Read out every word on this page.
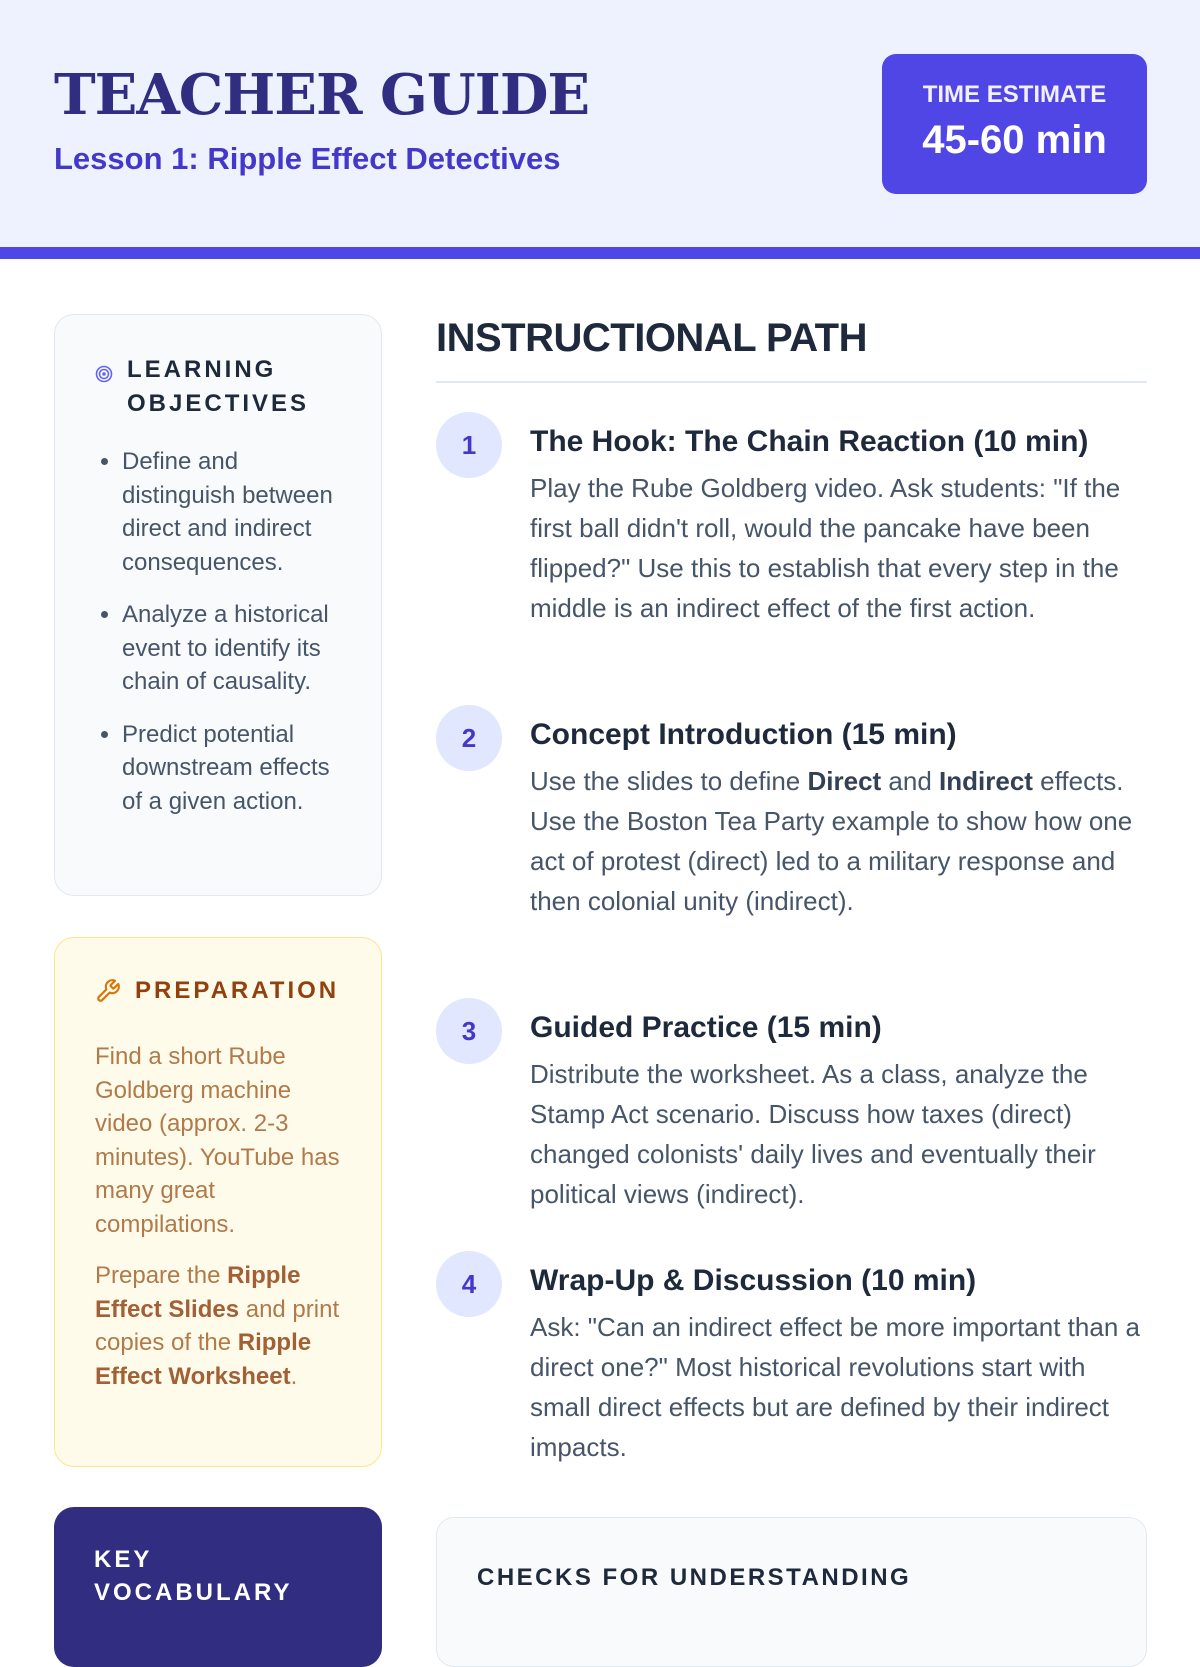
TEACHER GUIDE
Lesson 1: Ripple Effect Detectives
TIME ESTIMATE
45-60 min
LEARNING OBJECTIVES
• Define and distinguish between direct and indirect consequences.
• Analyze a historical event to identify its chain of causality.
• Predict potential downstream effects of a given action.
PREPARATION

Find a short Rube Goldberg machine video (approx. 2-3 minutes). YouTube has many great compilations.

Prepare the Ripple Effect Slides and print copies of the Ripple Effect Worksheet.

KEY VOCABULARY
INSTRUCTIONAL PATH
1	The Hook: The Chain Reaction (10 min)

Play the Rube Goldberg video. Ask students: "If the first ball didn't roll, would the pancake have been flipped?" Use this to establish that every step in the middle is an indirect effect of the first action.

2	Concept Introduction (15 min)

Use the slides to define Direct and Indirect effects. Use the Boston Tea Party example to show how one act of protest (direct) led to a military response and then colonial unity (indirect).

3	Guided Practice (15 min)

Distribute the worksheet. As a class, analyze the Stamp Act scenario. Discuss how taxes (direct) changed colonists' daily lives and eventually their political views (indirect).

4	Wrap-Up & Discussion (10 min)

Ask: "Can an indirect effect be more important than a direct one?" Most historical revolutions start with small direct effects but are defined by their indirect impacts.

CHECKS FOR UNDERSTANDING
